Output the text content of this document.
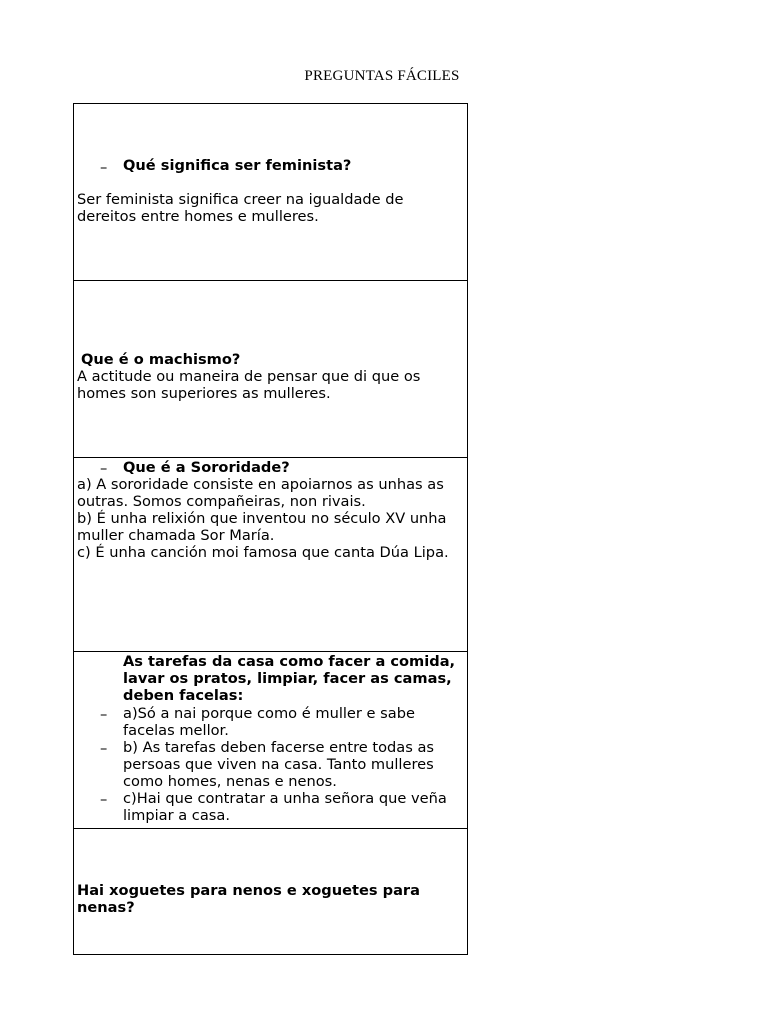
PREGUNTAS FÁCILES
–	Qué significa ser feminista?
Ser feminista significa creer na igualdade de dereitos entre homes e mulleres.
Que é o machismo?
A actitude ou maneira de pensar que di que os homes son superiores as mulleres.
–	Que é a Sororidade?
a) A sororidade consiste en apoiarnos as unhas as outras. Somos compañeiras, non rivais.
b) É unha relixión que inventou no século XV unha muller chamada Sor María.
c) É unha canción moi famosa que canta Dúa Lipa.
As tarefas da casa como facer a comida, lavar os pratos, limpiar, facer as camas, deben facelas:
–	a)Só a nai porque como é muller e sabe facelas mellor.
–	b) As tarefas deben facerse entre todas as persoas que viven na casa. Tanto mulleres como homes, nenas e nenos.
–	c)Hai que contratar a unha señora que veña limpiar a casa.
Hai xoguetes para nenos e xoguetes para nenas?
